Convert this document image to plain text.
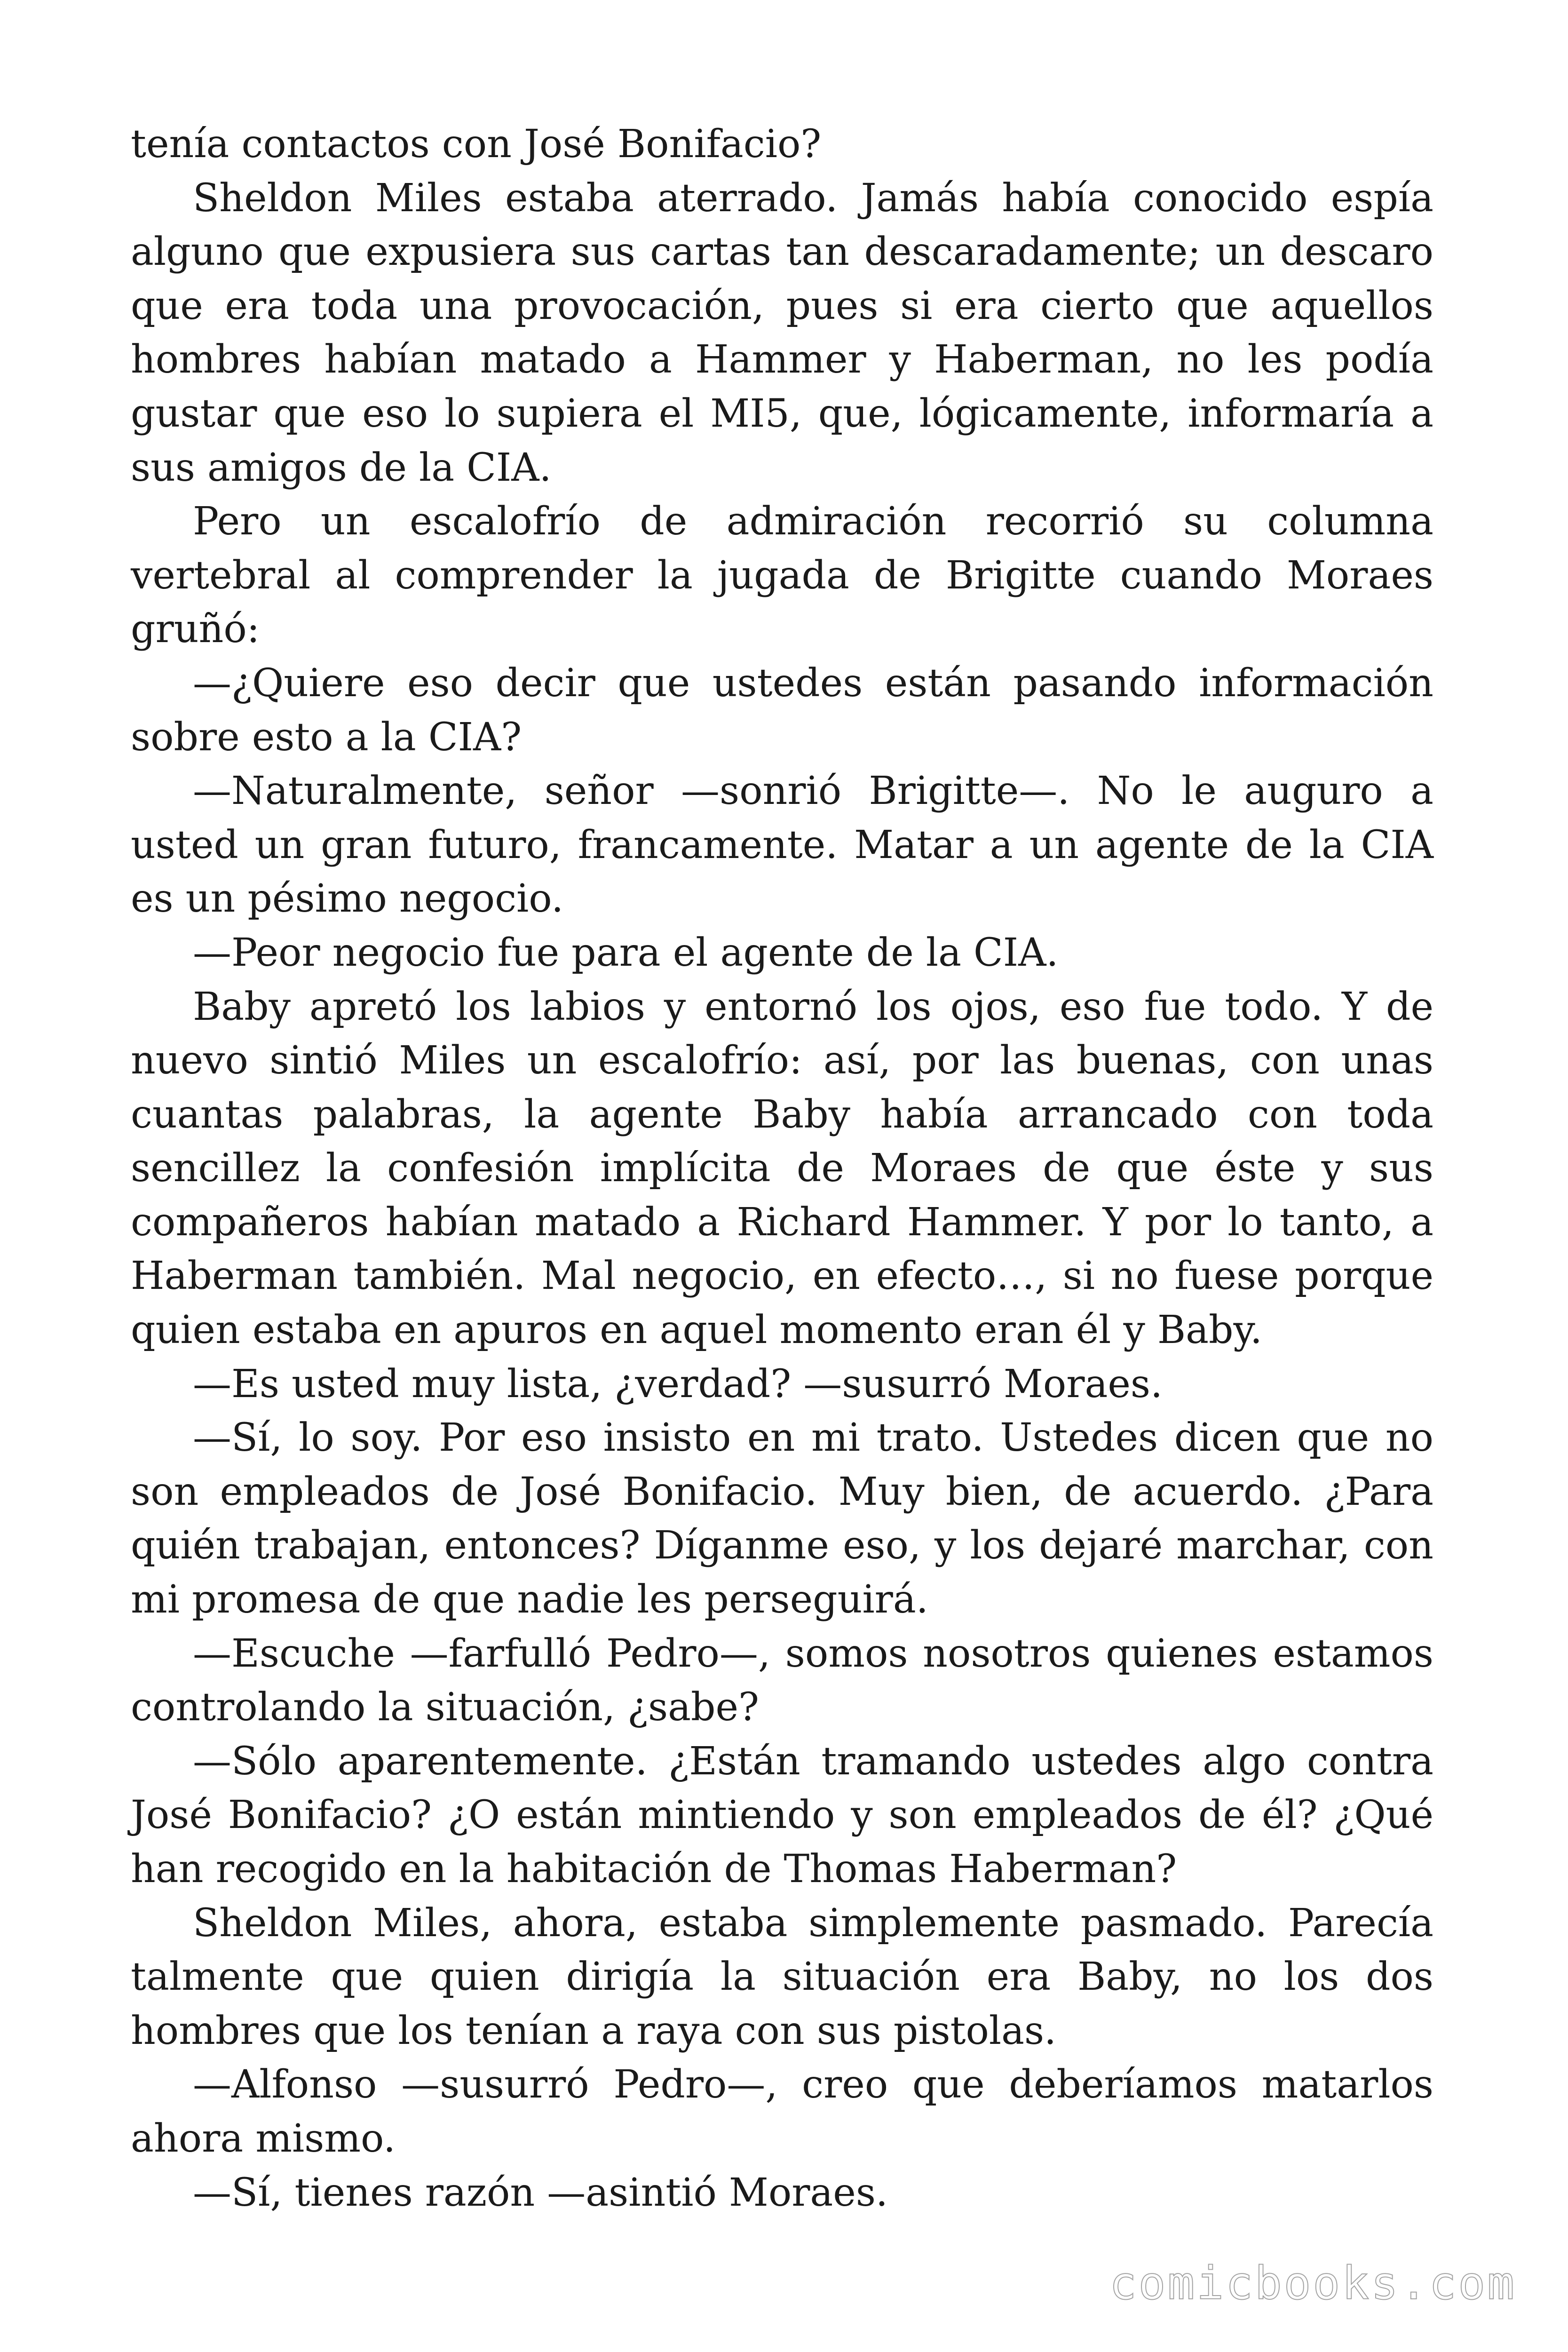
tenía contactos con José Bonifacio?

Sheldon Miles estaba aterrado. Jamás había conocido espía alguno que expusiera sus cartas tan descaradamente; un descaro que era toda una provocación, pues si era cierto que aquellos hombres habían matado a Hammer y Haberman, no les podía gustar que eso lo supiera el MI5, que, lógicamente, informaría a sus amigos de la CIA.

Pero un escalofrío de admiración recorrió su columna vertebral al comprender la jugada de Brigitte cuando Moraes gruñó:

—¿Quiere eso decir que ustedes están pasando información sobre esto a la CIA?

—Naturalmente, señor —sonrió Brigitte—. No le auguro a usted un gran futuro, francamente. Matar a un agente de la CIA es un pésimo negocio.

—Peor negocio fue para el agente de la CIA.

Baby apretó los labios y entornó los ojos, eso fue todo. Y de nuevo sintió Miles un escalofrío: así, por las buenas, con unas cuantas palabras, la agente Baby había arrancado con toda sencillez la confesión implícita de Moraes de que éste y sus compañeros habían matado a Richard Hammer. Y por lo tanto, a Haberman también. Mal negocio, en efecto…, si no fuese porque quien estaba en apuros en aquel momento eran él y Baby.

—Es usted muy lista, ¿verdad? —susurró Moraes.

—Sí, lo soy. Por eso insisto en mi trato. Ustedes dicen que no son empleados de José Bonifacio. Muy bien, de acuerdo. ¿Para quién trabajan, entonces? Díganme eso, y los dejaré marchar, con mi promesa de que nadie les perseguirá.

—Escuche —farfulló Pedro—, somos nosotros quienes estamos controlando la situación, ¿sabe?

—Sólo aparentemente. ¿Están tramando ustedes algo contra José Bonifacio? ¿O están mintiendo y son empleados de él? ¿Qué han recogido en la habitación de Thomas Haberman?

Sheldon Miles, ahora, estaba simplemente pasmado. Parecía talmente que quien dirigía la situación era Baby, no los dos hombres que los tenían a raya con sus pistolas.

—Alfonso —susurró Pedro—, creo que deberíamos matarlos ahora mismo.

—Sí, tienes razón —asintió Moraes.

comicbooks.com
